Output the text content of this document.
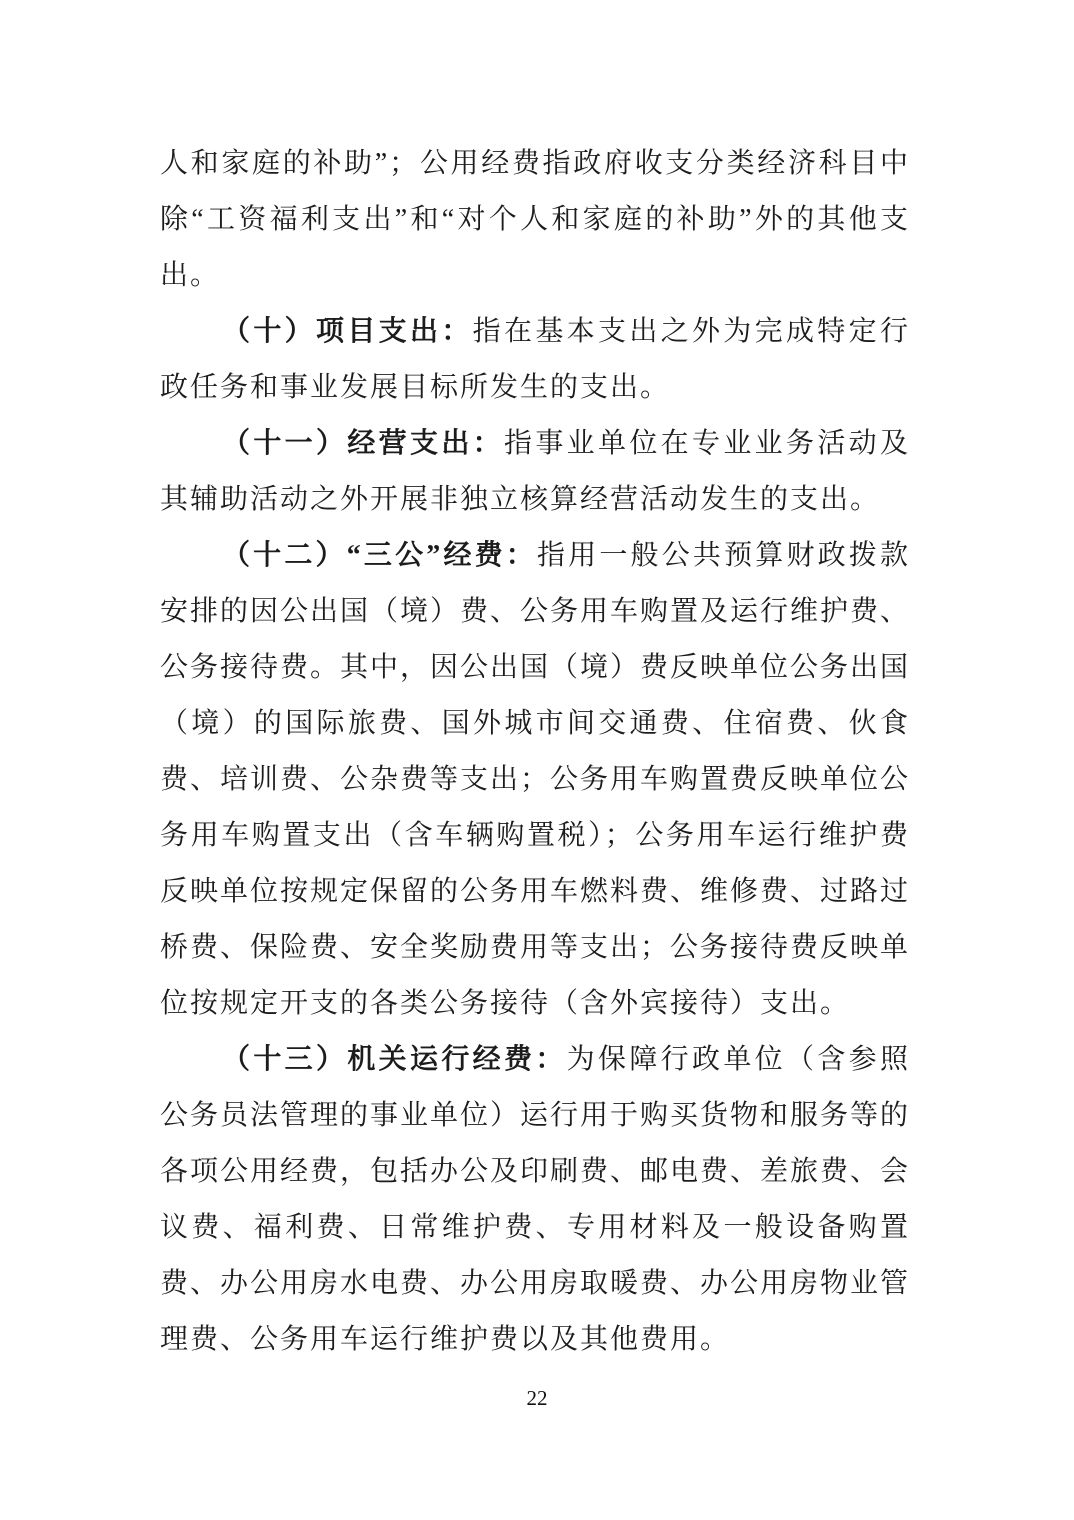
人和家庭的补助”；公用经费指政府收支分类经济科目中除“工资福利支出”和“对个人和家庭的补助”外的其他支出。

（十）项目支出：指在基本支出之外为完成特定行政任务和事业发展目标所发生的支出。

（十一）经营支出：指事业单位在专业业务活动及其辅助活动之外开展非独立核算经营活动发生的支出。

（十二）“三公”经费：指用一般公共预算财政拨款安排的因公出国（境）费、公务用车购置及运行维护费、公务接待费。其中，因公出国（境）费反映单位公务出国（境）的国际旅费、国外城市间交通费、住宿费、伙食费、培训费、公杂费等支出；公务用车购置费反映单位公务用车购置支出（含车辆购置税）；公务用车运行维护费反映单位按规定保留的公务用车燃料费、维修费、过路过桥费、保险费、安全奖励费用等支出；公务接待费反映单位按规定开支的各类公务接待（含外宾接待）支出。

（十三）机关运行经费：为保障行政单位（含参照公务员法管理的事业单位）运行用于购买货物和服务等的各项公用经费，包括办公及印刷费、邮电费、差旅费、会议费、福利费、日常维护费、专用材料及一般设备购置费、办公用房水电费、办公用房取暖费、办公用房物业管理费、公务用车运行维护费以及其他费用。

22
